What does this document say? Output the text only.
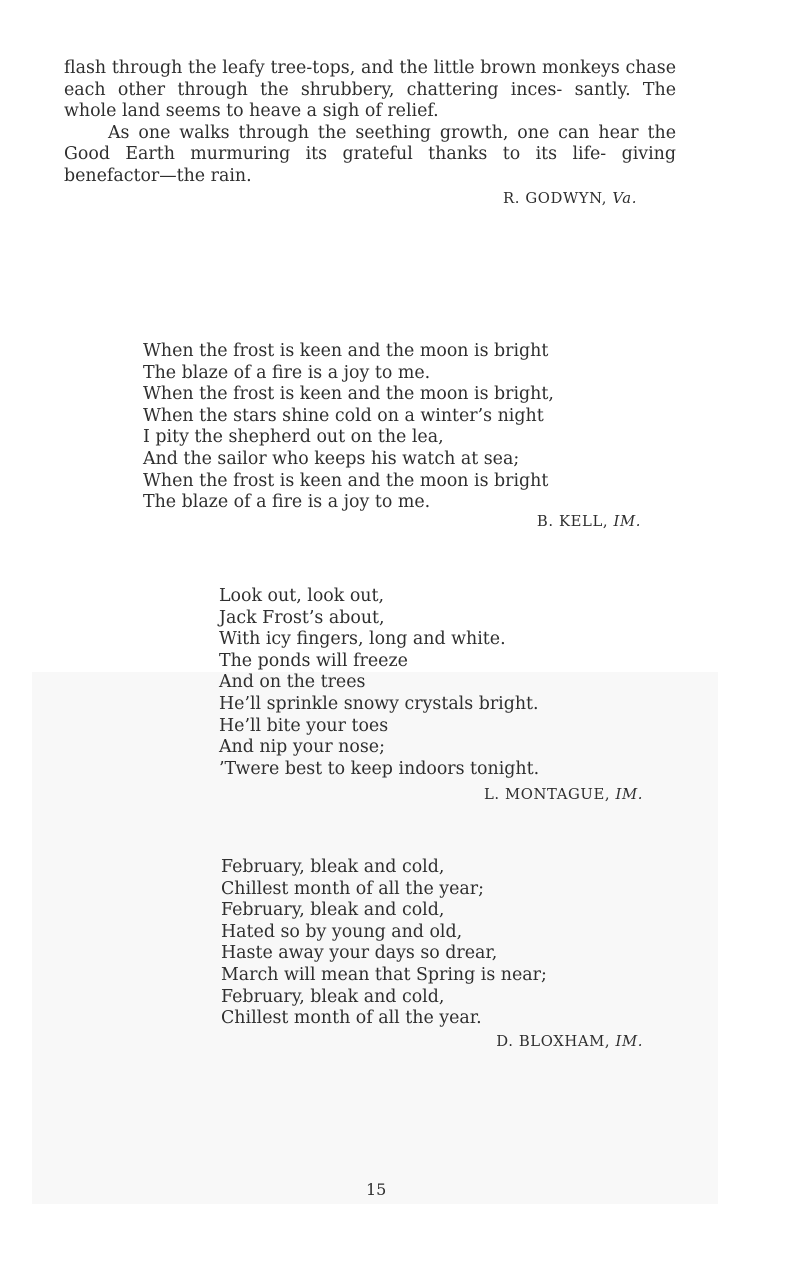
flash through the leafy tree-tops, and the little brown monkeys chase each other through the shrubbery, chattering inces- santly. The whole land seems to heave a sigh of relief.

As one walks through the seething growth, one can hear the Good Earth murmuring its grateful thanks to its life- giving benefactor—the rain.

R. GODWYN, Va.
When the frost is keen and the moon is bright
The blaze of a fire is a joy to me.
When the frost is keen and the moon is bright,
When the stars shine cold on a winter’s night
I pity the shepherd out on the lea,
And the sailor who keeps his watch at sea;
When the frost is keen and the moon is bright
The blaze of a fire is a joy to me.
B. KELL, IM.
Look out, look out,
Jack Frost’s about,
With icy fingers, long and white.
The ponds will freeze
And on the trees
He’ll sprinkle snowy crystals bright.
He’ll bite your toes
And nip your nose;
’Twere best to keep indoors tonight.
L. MONTAGUE, IM.
February, bleak and cold,
Chillest month of all the year;
February, bleak and cold,
Hated so by young and old,
Haste away your days so drear,
March will mean that Spring is near;
February, bleak and cold,
Chillest month of all the year.
D. BLOXHAM, IM.
15
